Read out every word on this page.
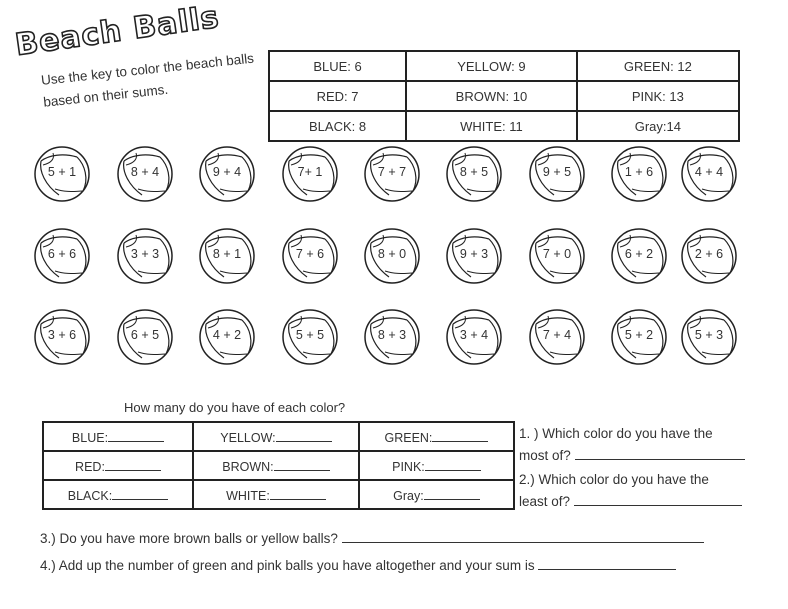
Beach Balls
Use the key to color the beach balls based on their sums.
BLUE: 6	YELLOW: 9	GREEN: 12
RED: 7	BROWN: 10	PINK: 13
BLACK: 8	WHITE: 11	Gray:14
5 + 1	8 + 4	9 + 4	7+ 1	7 + 7	8 + 5	9 + 5	1 + 6	4 + 4
6 + 6	3 + 3	8 + 1	7 + 6	8 + 0	9 + 3	7 + 0	6 + 2	2 + 6
3 + 6	6 + 5	4 + 2	5 + 5	8 + 3	3 + 4	7 + 4	5 + 2	5 + 3
How many do you have of each color?
BLUE:	YELLOW:	GREEN:
RED:	BROWN:	PINK:
BLACK:	WHITE:	Gray:
1. ) Which color do you have the
most of?
2.) Which color do you have the
least of?
3.) Do you have more brown balls or yellow balls?
4.) Add up the number of green and pink balls you have altogether and your sum is
